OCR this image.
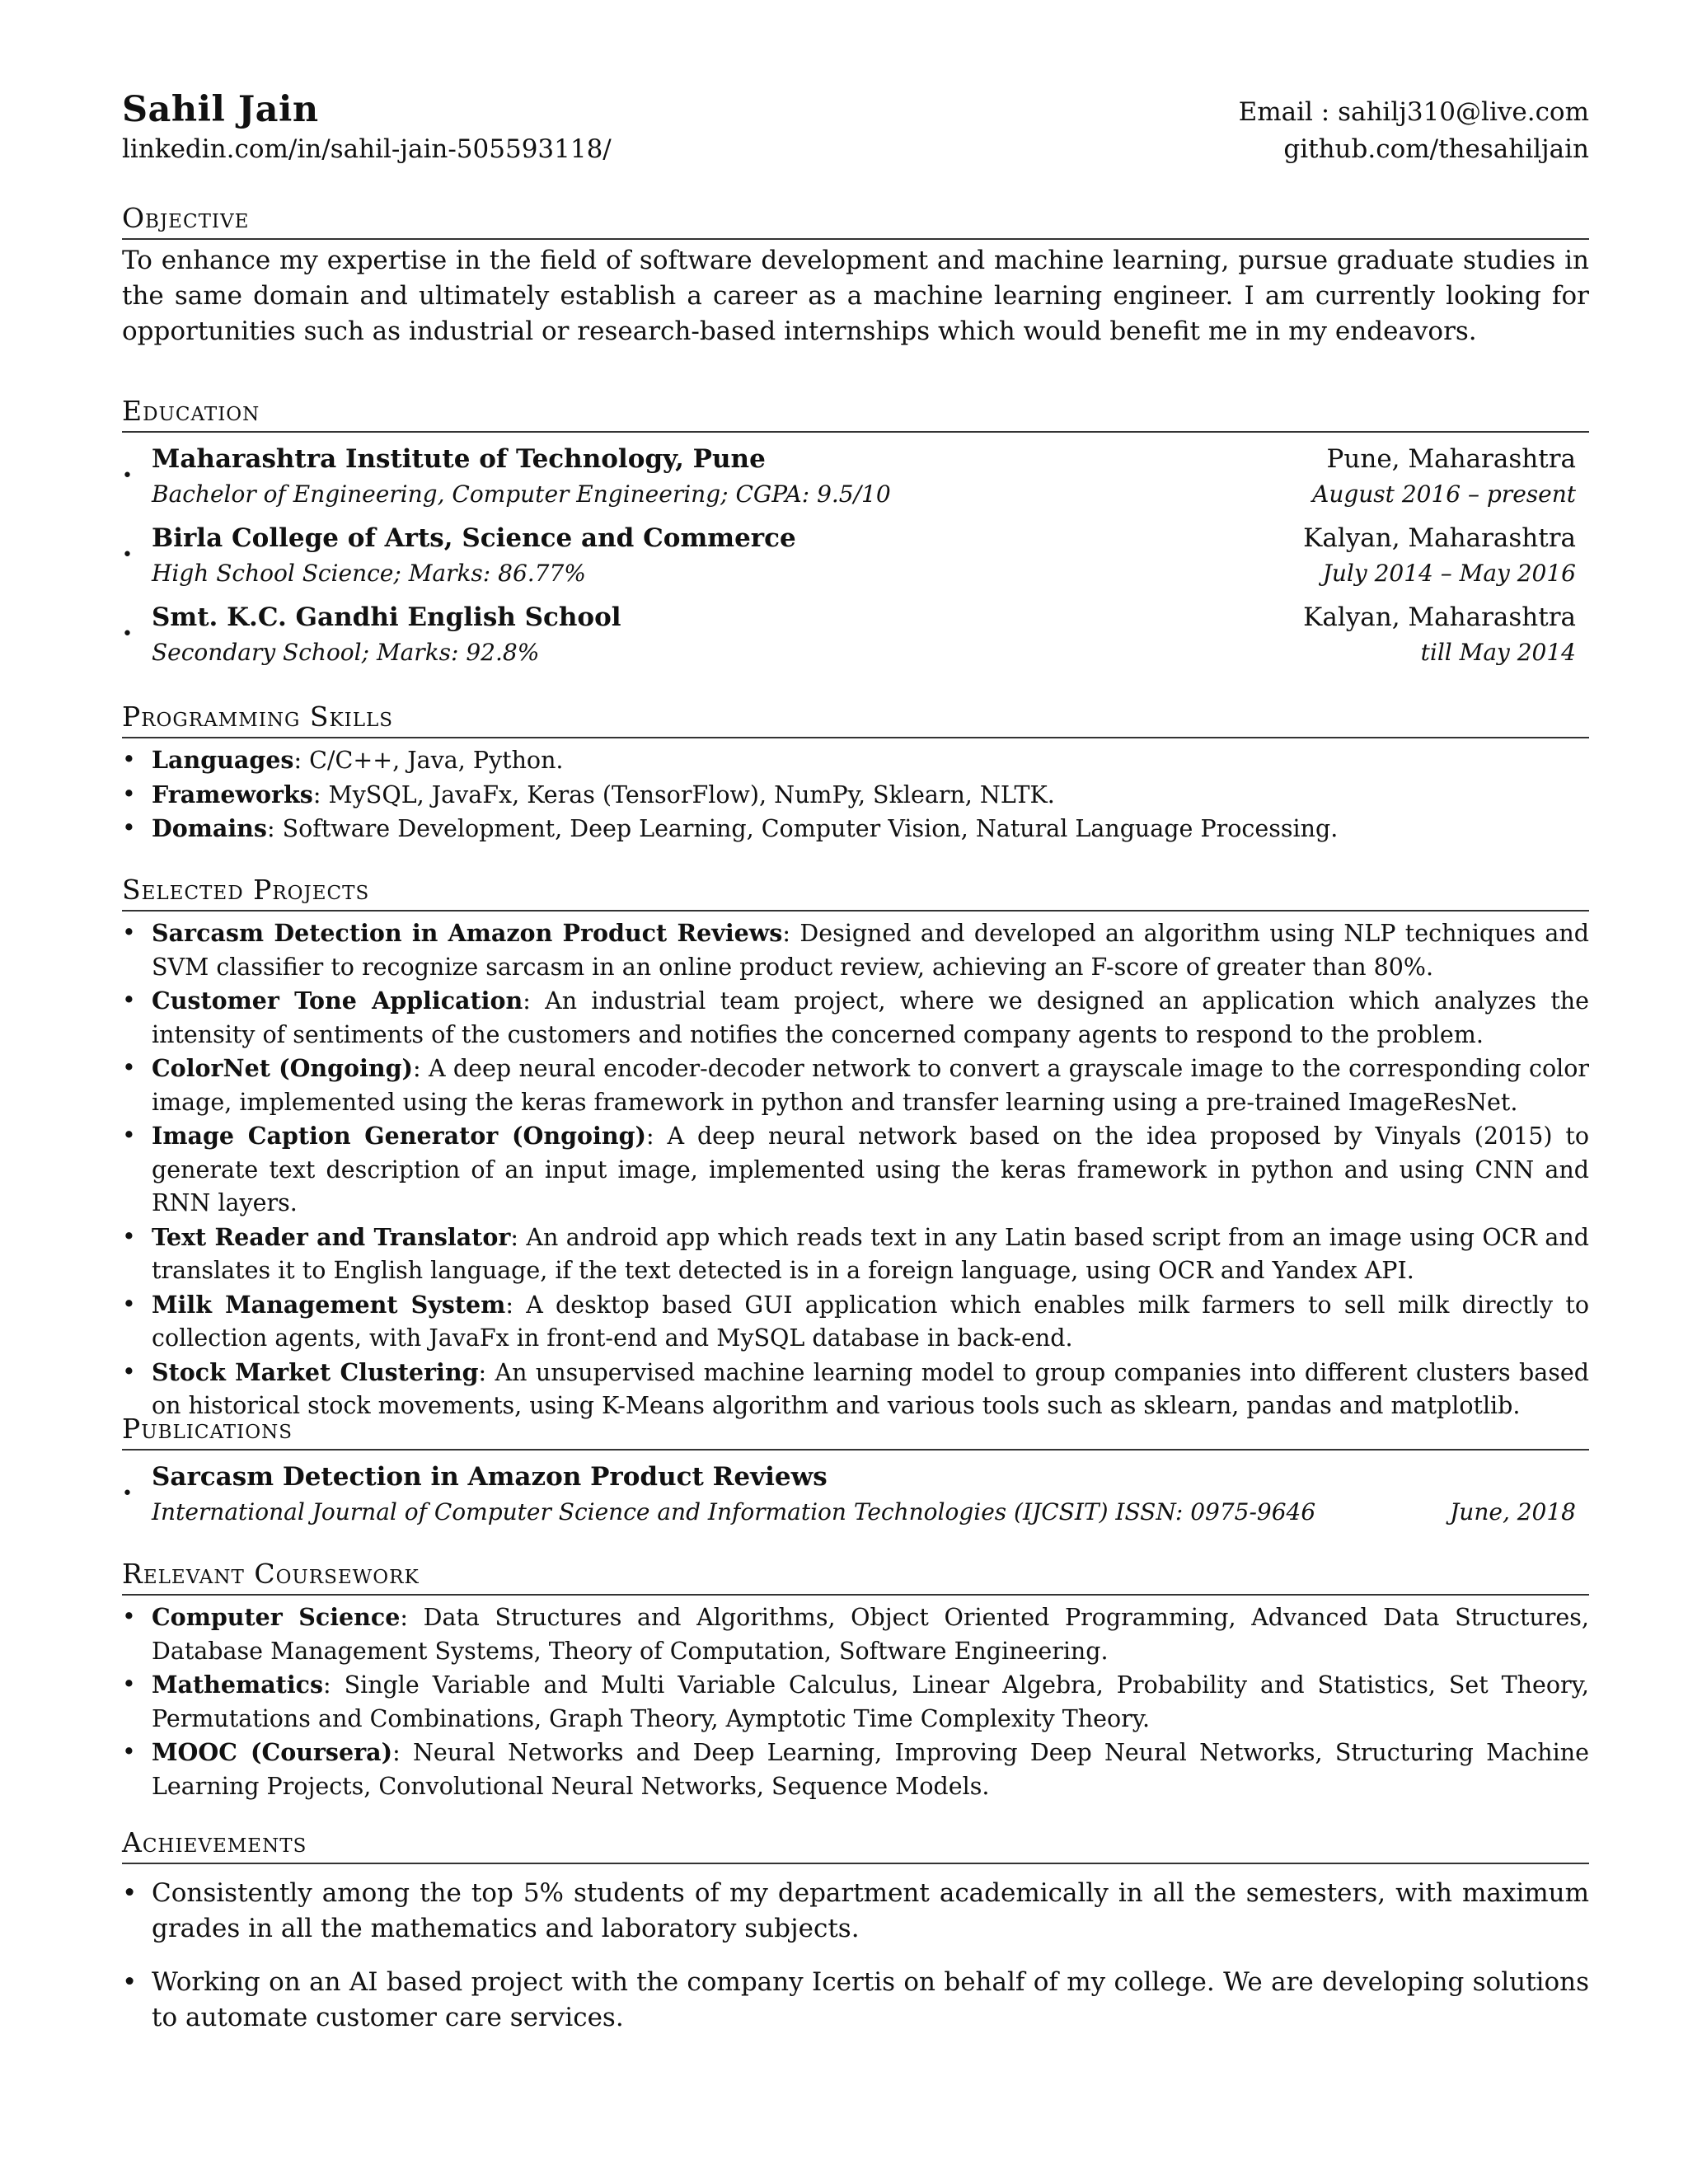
Sahil Jain	Email : sahilj310@live.com
linkedin.com/in/sahil-jain-505593118/	github.com/thesahiljain
Objective
To enhance my expertise in the field of software development and machine learning, pursue graduate studies in the same domain and ultimately establish a career as a machine learning engineer. I am currently looking for opportunities such as industrial or research-based internships which would benefit me in my endeavors.
Education
•
Maharashtra Institute of Technology, Pune	Pune, Maharashtra
Bachelor of Engineering, Computer Engineering; CGPA: 9.5/10	August 2016 – present
•
Birla College of Arts, Science and Commerce	Kalyan, Maharashtra
High School Science; Marks: 86.77%	July 2014 – May 2016
•
Smt. K.C. Gandhi English School	Kalyan, Maharashtra
Secondary School; Marks: 92.8%	till May 2014
Programming Skills
• Languages: C/C++, Java, Python.
• Frameworks: MySQL, JavaFx, Keras (TensorFlow), NumPy, Sklearn, NLTK.
• Domains: Software Development, Deep Learning, Computer Vision, Natural Language Processing.
Selected Projects
• Sarcasm Detection in Amazon Product Reviews: Designed and developed an algorithm using NLP techniques and SVM classifier to recognize sarcasm in an online product review, achieving an F-score of greater than 80%.
• Customer Tone Application: An industrial team project, where we designed an application which analyzes the intensity of sentiments of the customers and notifies the concerned company agents to respond to the problem.
• ColorNet (Ongoing): A deep neural encoder-decoder network to convert a grayscale image to the corresponding color image, implemented using the keras framework in python and transfer learning using a pre-trained ImageResNet.
• Image Caption Generator (Ongoing): A deep neural network based on the idea proposed by Vinyals (2015) to generate text description of an input image, implemented using the keras framework in python and using CNN and RNN layers.
• Text Reader and Translator: An android app which reads text in any Latin based script from an image using OCR and translates it to English language, if the text detected is in a foreign language, using OCR and Yandex API.
• Milk Management System: A desktop based GUI application which enables milk farmers to sell milk directly to collection agents, with JavaFx in front-end and MySQL database in back-end.
• Stock Market Clustering: An unsupervised machine learning model to group companies into different clusters based on historical stock movements, using K-Means algorithm and various tools such as sklearn, pandas and matplotlib.
Publications
•
Sarcasm Detection in Amazon Product Reviews
International Journal of Computer Science and Information Technologies (IJCSIT) ISSN: 0975-9646	June, 2018
Relevant Coursework
• Computer Science: Data Structures and Algorithms, Object Oriented Programming, Advanced Data Structures, Database Management Systems, Theory of Computation, Software Engineering.
• Mathematics: Single Variable and Multi Variable Calculus, Linear Algebra, Probability and Statistics, Set Theory, Permutations and Combinations, Graph Theory, Aymptotic Time Complexity Theory.
• MOOC (Coursera): Neural Networks and Deep Learning, Improving Deep Neural Networks, Structuring Machine Learning Projects, Convolutional Neural Networks, Sequence Models.
Achievements
• Consistently among the top 5% students of my department academically in all the semesters, with maximum grades in all the mathematics and laboratory subjects.
• Working on an AI based project with the company Icertis on behalf of my college. We are developing solutions to automate customer care services.
